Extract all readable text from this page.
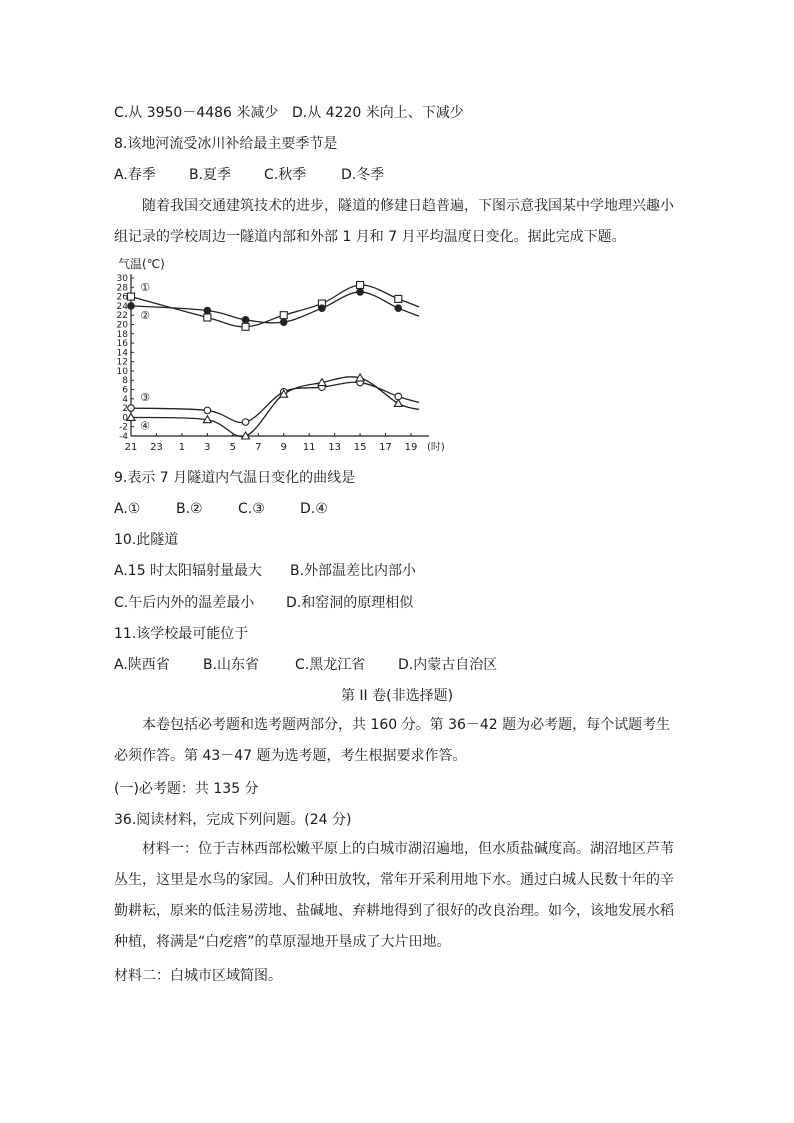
C.从 3950－4486 米减少 D.从 4220 米向上、下减少
8.该地河流受冰川补给最主要季节是
A.春季 B.夏季 C.秋季 D.冬季
随着我国交通建筑技术的进步，隧道的修建日趋普遍，下图示意我国某中学地理兴趣小组记录的学校周边一隧道内部和外部 1 月和 7 月平均温度日变化。据此完成下题。
气温(℃)
30
28
26
24
22
20
18
16
14
12
10
8
6
4
2
0
-2
-4
21 23 1 3 5 7 9 11 13 15 17 19 (时)
①
②
③
④
9.表示 7 月隧道内气温日变化的曲线是
A.①	B.②	C.③	D.④
10.此隧道
A.15 时太阳辐射量最大 B.外部温差比内部小
C.午后内外的温差最小 D.和窑洞的原理相似
11.该学校最可能位于
A.陕西省 B.山东省	C.黑龙江省 D.内蒙古自治区
第 II 卷(非选择题)
本卷包括必考题和选考题两部分，共 160 分。第 36－42 题为必考题，每个试题考生必须作答。第 43－47 题为选考题，考生根据要求作答。
(一)必考题：共 135 分
36.阅读材料，完成下列问题。(24 分)
材料一：位于吉林西部松嫩平原上的白城市湖沼遍地，但水质盐碱度高。湖沼地区芦苇丛生，这里是水鸟的家园。人们种田放牧，常年开采利用地下水。通过白城人民数十年的辛勤耕耘，原来的低洼易涝地、盐碱地、弃耕地得到了很好的改良治理。如今，该地发展水稻种植，将满是“白疙瘩”的草原湿地开垦成了大片田地。
材料二：白城市区域简图。
